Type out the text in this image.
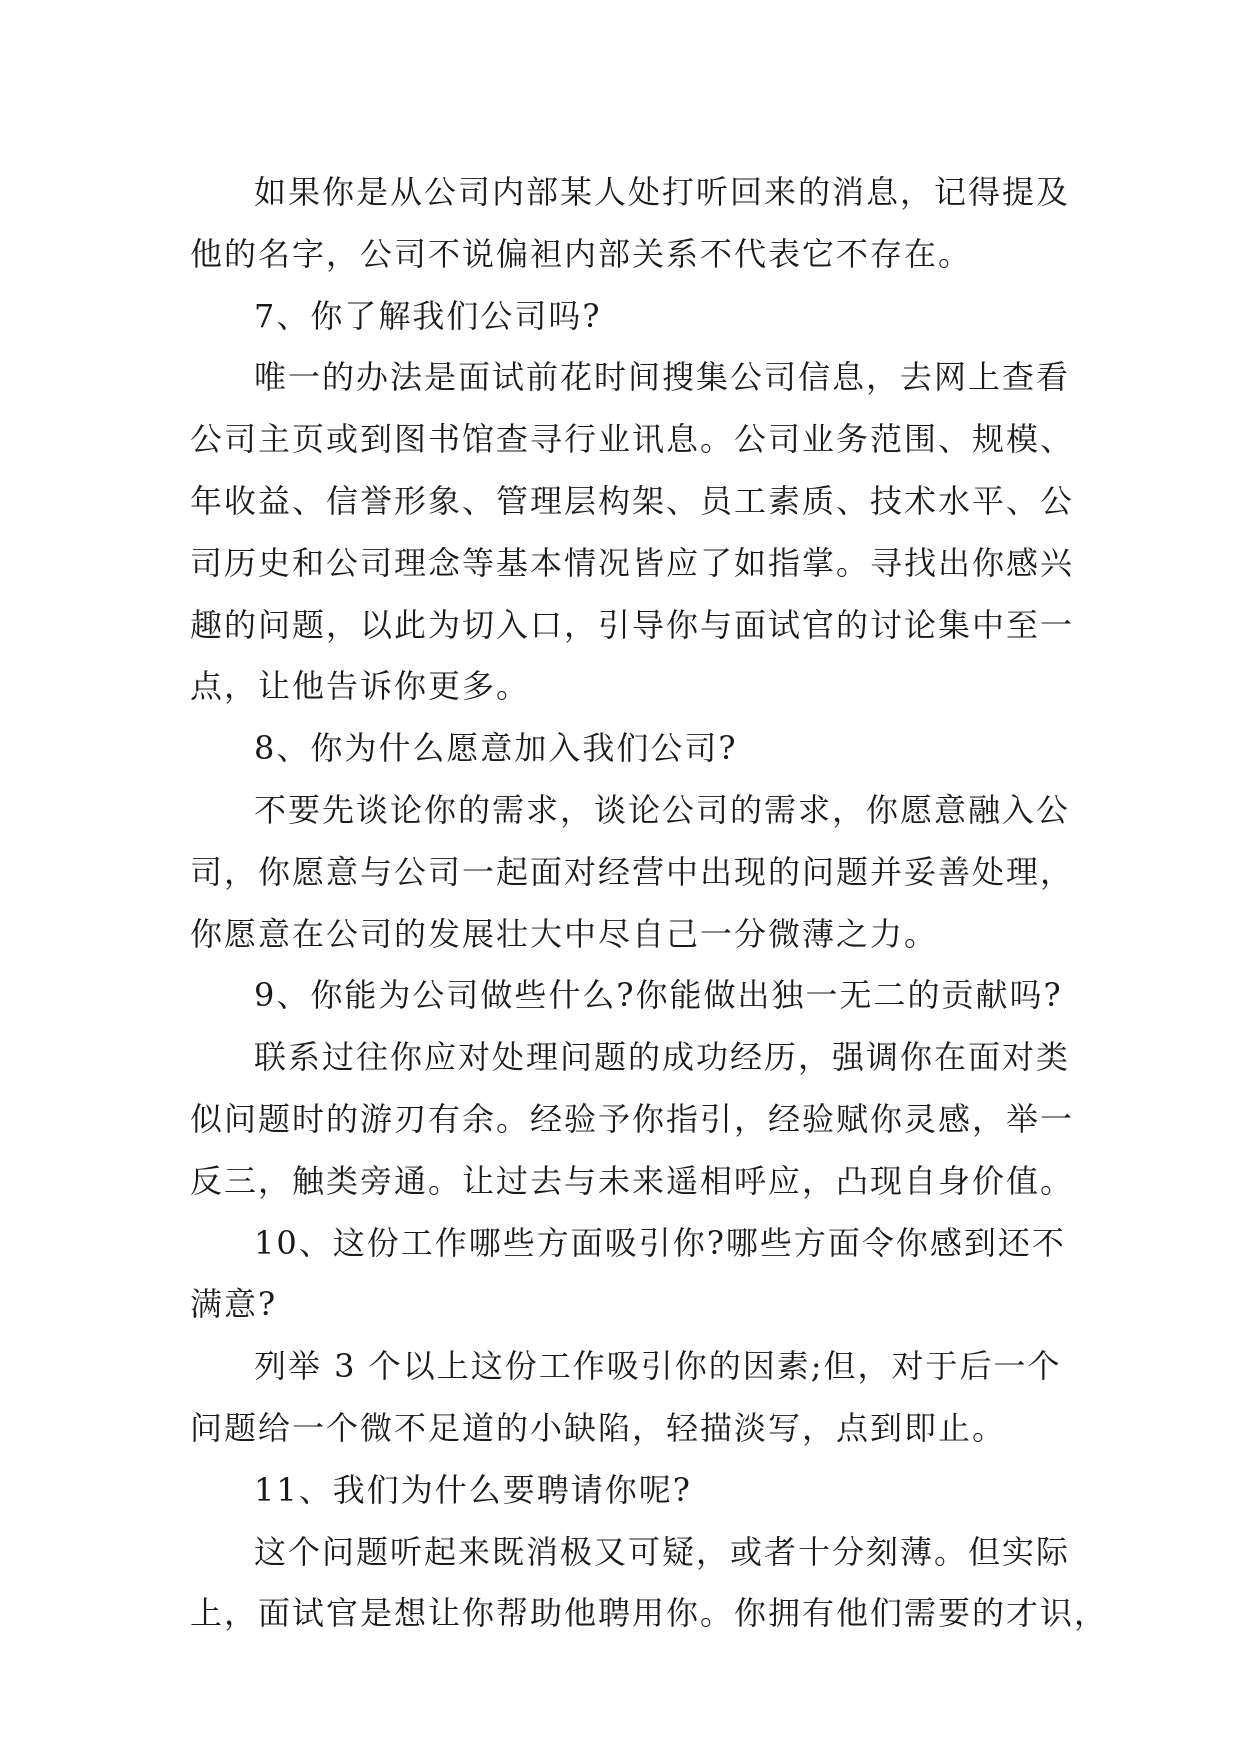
如果你是从公司内部某人处打听回来的消息，记得提及
他的名字，公司不说偏袒内部关系不代表它不存在。
7、你了解我们公司吗?
唯一的办法是面试前花时间搜集公司信息，去网上查看
公司主页或到图书馆查寻行业讯息。公司业务范围、规模、
年收益、信誉形象、管理层构架、员工素质、技术水平、公
司历史和公司理念等基本情况皆应了如指掌。寻找出你感兴
趣的问题，以此为切入口，引导你与面试官的讨论集中至一
点，让他告诉你更多。
8、你为什么愿意加入我们公司?
不要先谈论你的需求，谈论公司的需求，你愿意融入公
司，你愿意与公司一起面对经营中出现的问题并妥善处理，
你愿意在公司的发展壮大中尽自己一分微薄之力。
9、你能为公司做些什么?你能做出独一无二的贡献吗?
联系过往你应对处理问题的成功经历，强调你在面对类
似问题时的游刃有余。经验予你指引，经验赋你灵感，举一
反三，触类旁通。让过去与未来遥相呼应，凸现自身价值。
10、这份工作哪些方面吸引你?哪些方面令你感到还不
满意?
列举 3 个以上这份工作吸引你的因素;但，对于后一个
问题给一个微不足道的小缺陷，轻描淡写，点到即止。
11、我们为什么要聘请你呢?
这个问题听起来既消极又可疑，或者十分刻薄。但实际
上，面试官是想让你帮助他聘用你。你拥有他们需要的才识，
